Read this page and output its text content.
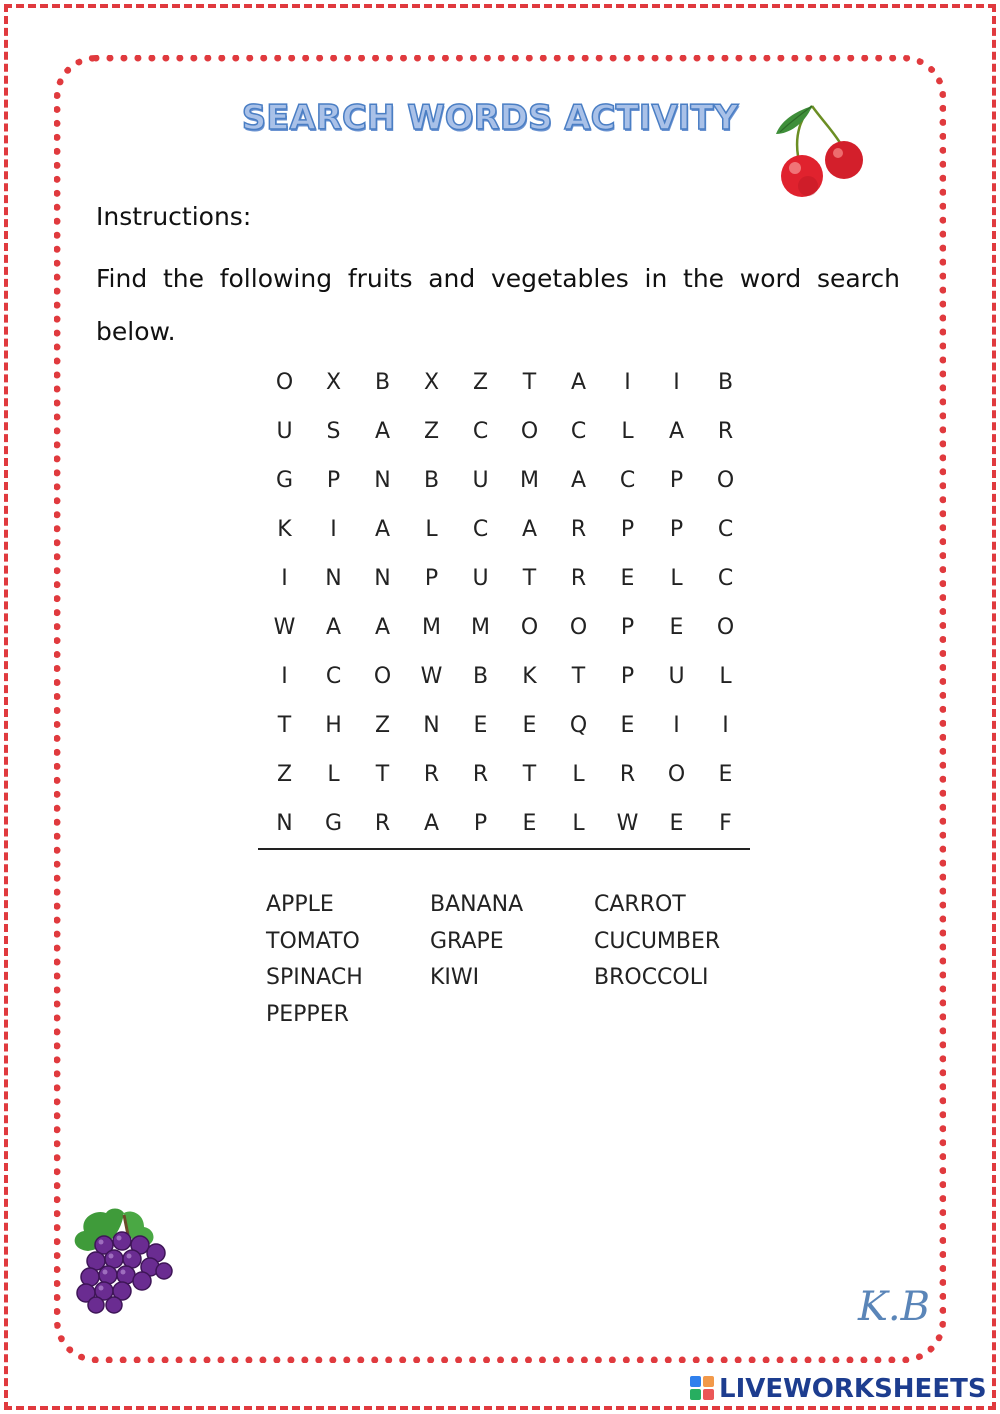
SEARCH WORDS ACTIVITY
Instructions:
Find the following fruits and vegetables in the word search below.
O	X	B	X	Z	T	A	I	I	B
U	S	A	Z	C	O	C	L	A	R
G	P	N	B	U	M	A	C	P	O
K	I	A	L	C	A	R	P	P	C
I	N	N	P	U	T	R	E	L	C
W	A	A	M	M	O	O	P	E	O
I	C	O	W	B	K	T	P	U	L
T	H	Z	N	E	E	Q	E	I	I
Z	L	T	R	R	T	L	R	O	E
N	G	R	A	P	E	L	W	E	F
APPLE	BANANA	CARROT
TOMATO	GRAPE	CUCUMBER
SPINACH	KIWI	BROCCOLI
PEPPER
K.B
LIVEWORKSHEETS
